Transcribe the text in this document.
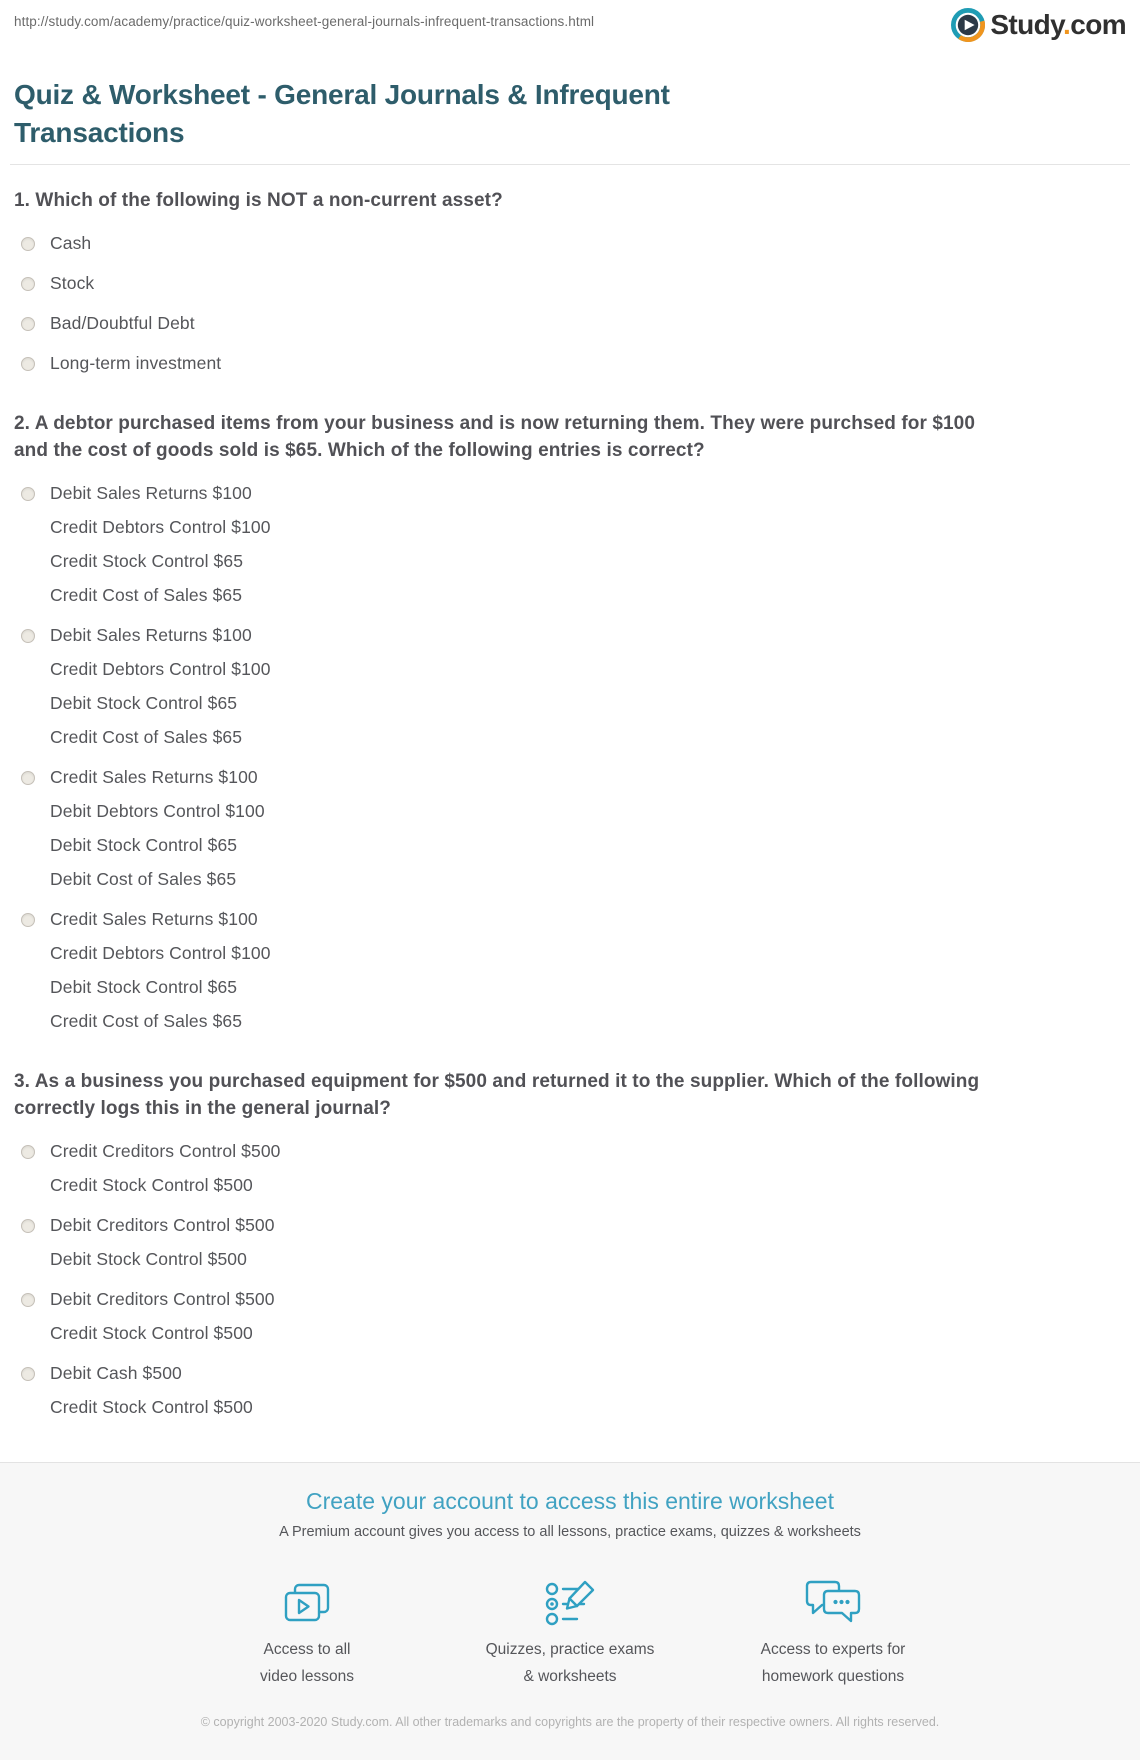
http://study.com/academy/practice/quiz-worksheet-general-journals-infrequent-transactions.html	Study.com
Quiz & Worksheet - General Journals & Infrequent Transactions
1. Which of the following is NOT a non-current asset?
Cash
Stock
Bad/Doubtful Debt
Long-term investment
2. A debtor purchased items from your business and is now returning them. They were purchsed for $100 and the cost of goods sold is $65. Which of the following entries is correct?
Debit Sales Returns $100
Credit Debtors Control $100
Credit Stock Control $65
Credit Cost of Sales $65
Debit Sales Returns $100
Credit Debtors Control $100
Debit Stock Control $65
Credit Cost of Sales $65
Credit Sales Returns $100
Debit Debtors Control $100
Debit Stock Control $65
Debit Cost of Sales $65
Credit Sales Returns $100
Credit Debtors Control $100
Debit Stock Control $65
Credit Cost of Sales $65
3. As a business you purchased equipment for $500 and returned it to the supplier. Which of the following correctly logs this in the general journal?
Credit Creditors Control $500
Credit Stock Control $500
Debit Creditors Control $500
Debit Stock Control $500
Debit Creditors Control $500
Credit Stock Control $500
Debit Cash $500
Credit Stock Control $500
Create your account to access this entire worksheet
A Premium account gives you access to all lessons, practice exams, quizzes & worksheets
Access to all
video lessons
Quizzes, practice exams
& worksheets
Access to experts for
homework questions
© copyright 2003-2020 Study.com. All other trademarks and copyrights are the property of their respective owners. All rights reserved.
